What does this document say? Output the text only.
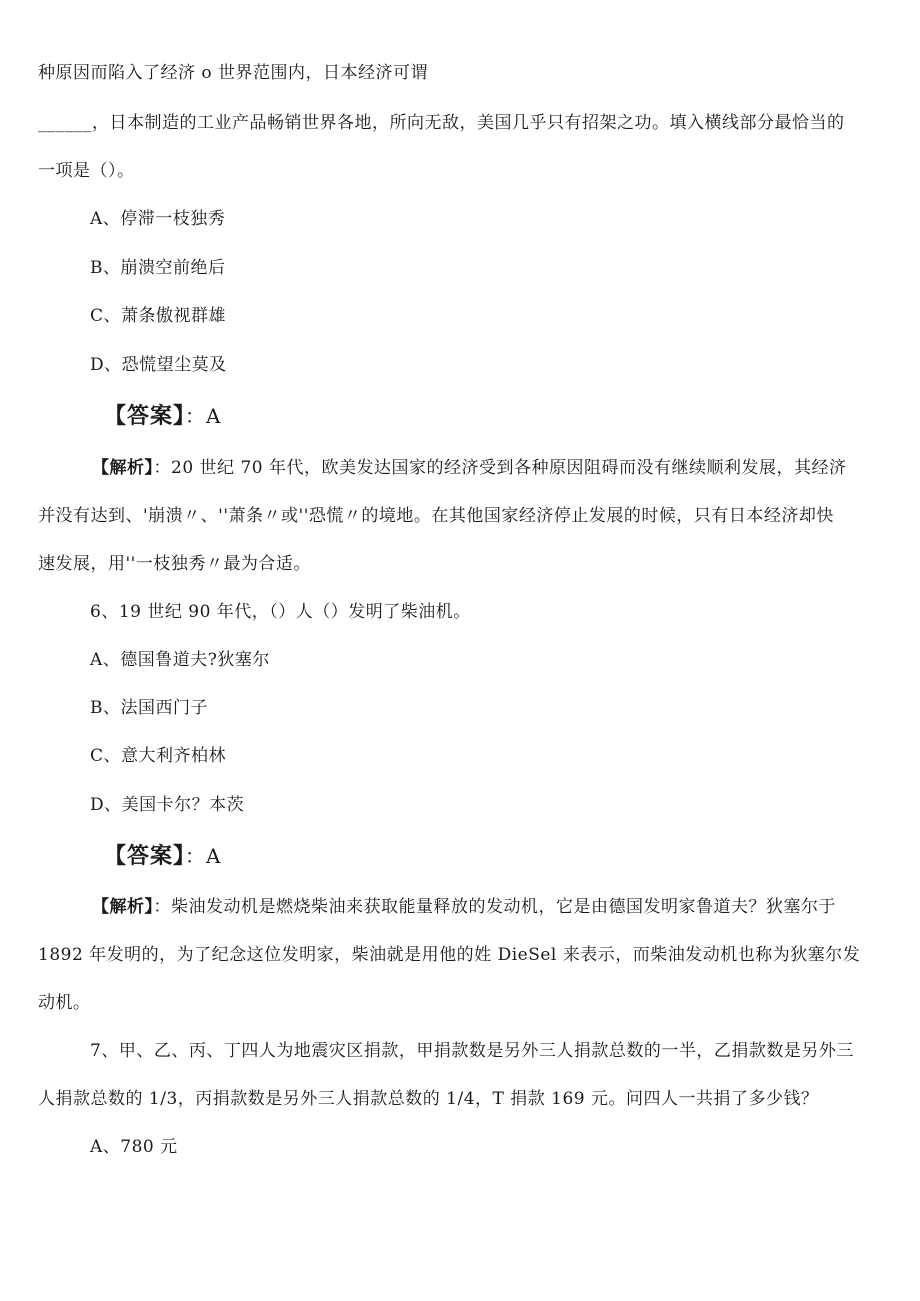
种原因而陷入了经济 o 世界范围内，日本经济可谓
______，日本制造的工业产品畅销世界各地，所向无敌，美国几乎只有招架之功。填入横线部分最恰当的
一项是（）。
A、停滞一枝独秀
B、崩溃空前绝后
C、萧条傲视群雄
D、恐慌望尘莫及
【答案】：A
【解析】：20 世纪 70 年代，欧美发达国家的经济受到各种原因阻碍而没有继续顺利发展，其经济
并没有达到、'崩溃〃、''萧条〃或''恐慌〃的境地。在其他国家经济停止发展的时候，只有日本经济却快
速发展，用''一枝独秀〃最为合适。
6、19 世纪 90 年代，（）人（）发明了柴油机。
A、德国鲁道夫?狄塞尔
B、法国西门子
C、意大利齐柏林
D、美国卡尔？本茨
【答案】：A
【解析】：柴油发动机是燃烧柴油来获取能量释放的发动机，它是由德国发明家鲁道夫？狄塞尔于
1892 年发明的，为了纪念这位发明家，柴油就是用他的姓 DieSel 来表示，而柴油发动机也称为狄塞尔发
动机。
7、甲、乙、丙、丁四人为地震灾区捐款，甲捐款数是另外三人捐款总数的一半，乙捐款数是另外三
人捐款总数的 1/3，丙捐款数是另外三人捐款总数的 1/4，T 捐款 169 元。问四人一共捐了多少钱？
A、780 元
